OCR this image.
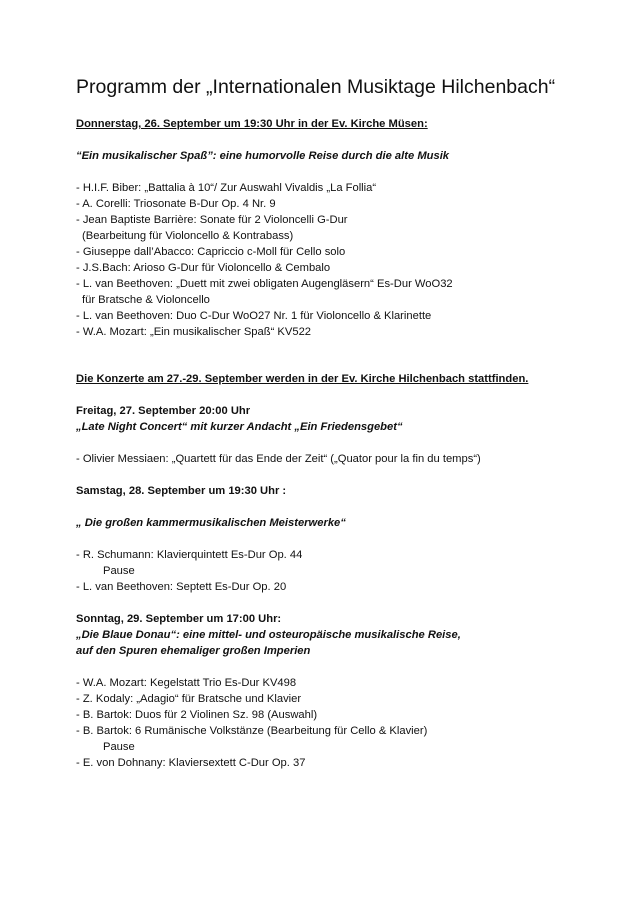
Programm der „Internationalen Musiktage Hilchenbach“
Donnerstag, 26. September um 19:30 Uhr in der Ev. Kirche Müsen:
“Ein musikalischer Spaß”: eine humorvolle Reise durch die alte Musik
- H.I.F. Biber: „Battalia à 10“/ Zur Auswahl Vivaldis „La Follia“
- A. Corelli: Triosonate B-Dur Op. 4 Nr. 9
- Jean Baptiste Barrière: Sonate für 2 Violoncelli G-Dur
(Bearbeitung für Violoncello & Kontrabass)
- Giuseppe dall’Abacco: Capriccio c-Moll für Cello solo
- J.S.Bach: Arioso G-Dur für Violoncello & Cembalo
- L. van Beethoven: „Duett mit zwei obligaten Augengläsern“ Es-Dur WoO32
für Bratsche & Violoncello
- L. van Beethoven: Duo C-Dur WoO27 Nr. 1 für Violoncello & Klarinette
- W.A. Mozart: „Ein musikalischer Spaß“ KV522
Die Konzerte am 27.-29. September werden in der Ev. Kirche Hilchenbach stattfinden.
Freitag, 27. September 20:00 Uhr
„Late Night Concert“ mit kurzer Andacht „Ein Friedensgebet“
- Olivier Messiaen: „Quartett für das Ende der Zeit“ („Quator pour la fin du temps“)
Samstag, 28. September um 19:30 Uhr :
„ Die großen kammermusikalischen Meisterwerke“
- R. Schumann: Klavierquintett Es-Dur Op. 44
Pause
- L. van Beethoven: Septett Es-Dur Op. 20
Sonntag, 29. September um 17:00 Uhr:
„Die Blaue Donau“: eine mittel- und osteuropäische musikalische Reise,
auf den Spuren ehemaliger großen Imperien
- W.A. Mozart: Kegelstatt Trio Es-Dur KV498
- Z. Kodaly: „Adagio“ für Bratsche und Klavier
- B. Bartok: Duos für 2 Violinen Sz. 98 (Auswahl)
- B. Bartok: 6 Rumänische Volkstänze (Bearbeitung für Cello & Klavier)
Pause
- E. von Dohnany: Klaviersextett C-Dur Op. 37
